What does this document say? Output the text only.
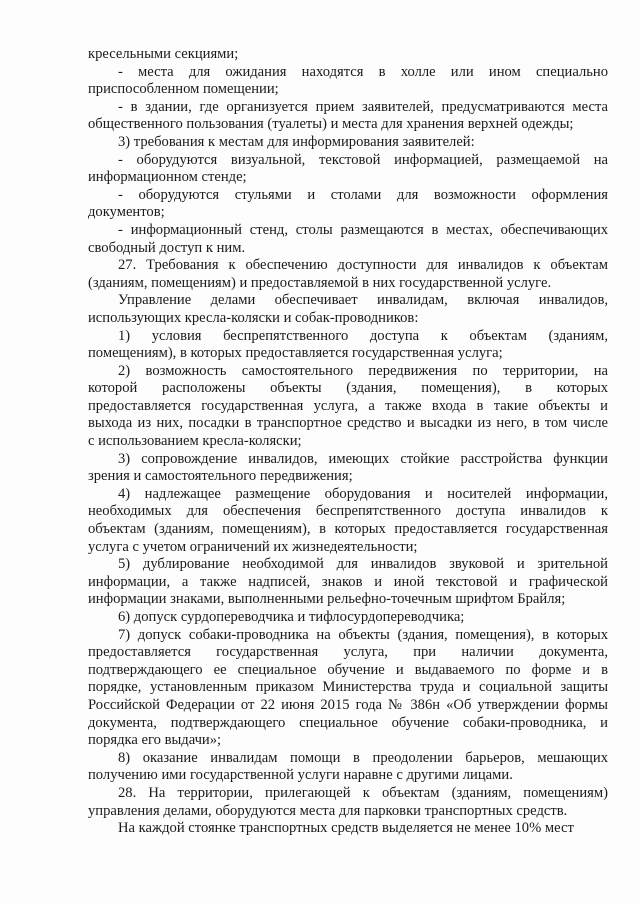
кресельными секциями;
- места для ожидания находятся в холле или ином специально
приспособленном помещении;
- в здании, где организуется прием заявителей, предусматриваются места
общественного пользования (туалеты) и места для хранения верхней одежды;
3) требования к местам для информирования заявителей:
- оборудуются визуальной, текстовой информацией, размещаемой на
информационном стенде;
- оборудуются стульями и столами для возможности оформления
документов;
- информационный стенд, столы размещаются в местах, обеспечивающих
свободный доступ к ним.
27. Требования к обеспечению доступности для инвалидов к объектам
(зданиям, помещениям) и предоставляемой в них государственной услуге.
Управление делами обеспечивает инвалидам, включая инвалидов,
использующих кресла-коляски и собак-проводников:
1) условия беспрепятственного доступа к объектам (зданиям,
помещениям), в которых предоставляется государственная услуга;
2) возможность самостоятельного передвижения по территории, на
которой расположены объекты (здания, помещения), в которых
предоставляется государственная услуга, а также входа в такие объекты и
выхода из них, посадки в транспортное средство и высадки из него, в том числе
с использованием кресла-коляски;
3) сопровождение инвалидов, имеющих стойкие расстройства функции
зрения и самостоятельного передвижения;
4) надлежащее размещение оборудования и носителей информации,
необходимых для обеспечения беспрепятственного доступа инвалидов к
объектам (зданиям, помещениям), в которых предоставляется государственная
услуга с учетом ограничений их жизнедеятельности;
5) дублирование необходимой для инвалидов звуковой и зрительной
информации, а также надписей, знаков и иной текстовой и графической
информации знаками, выполненными рельефно-точечным шрифтом Брайля;
6) допуск сурдопереводчика и тифлосурдопереводчика;
7) допуск собаки-проводника на объекты (здания, помещения), в которых
предоставляется государственная услуга, при наличии документа,
подтверждающего ее специальное обучение и выдаваемого по форме и в
порядке, установленным приказом Министерства труда и социальной защиты
Российской Федерации от 22 июня 2015 года № 386н «Об утверждении формы
документа, подтверждающего специальное обучение собаки-проводника, и
порядка его выдачи»;
8) оказание инвалидам помощи в преодолении барьеров, мешающих
получению ими государственной услуги наравне с другими лицами.
28. На территории, прилегающей к объектам (зданиям, помещениям)
управления делами, оборудуются места для парковки транспортных средств.
На каждой стоянке транспортных средств выделяется не менее 10% мест
